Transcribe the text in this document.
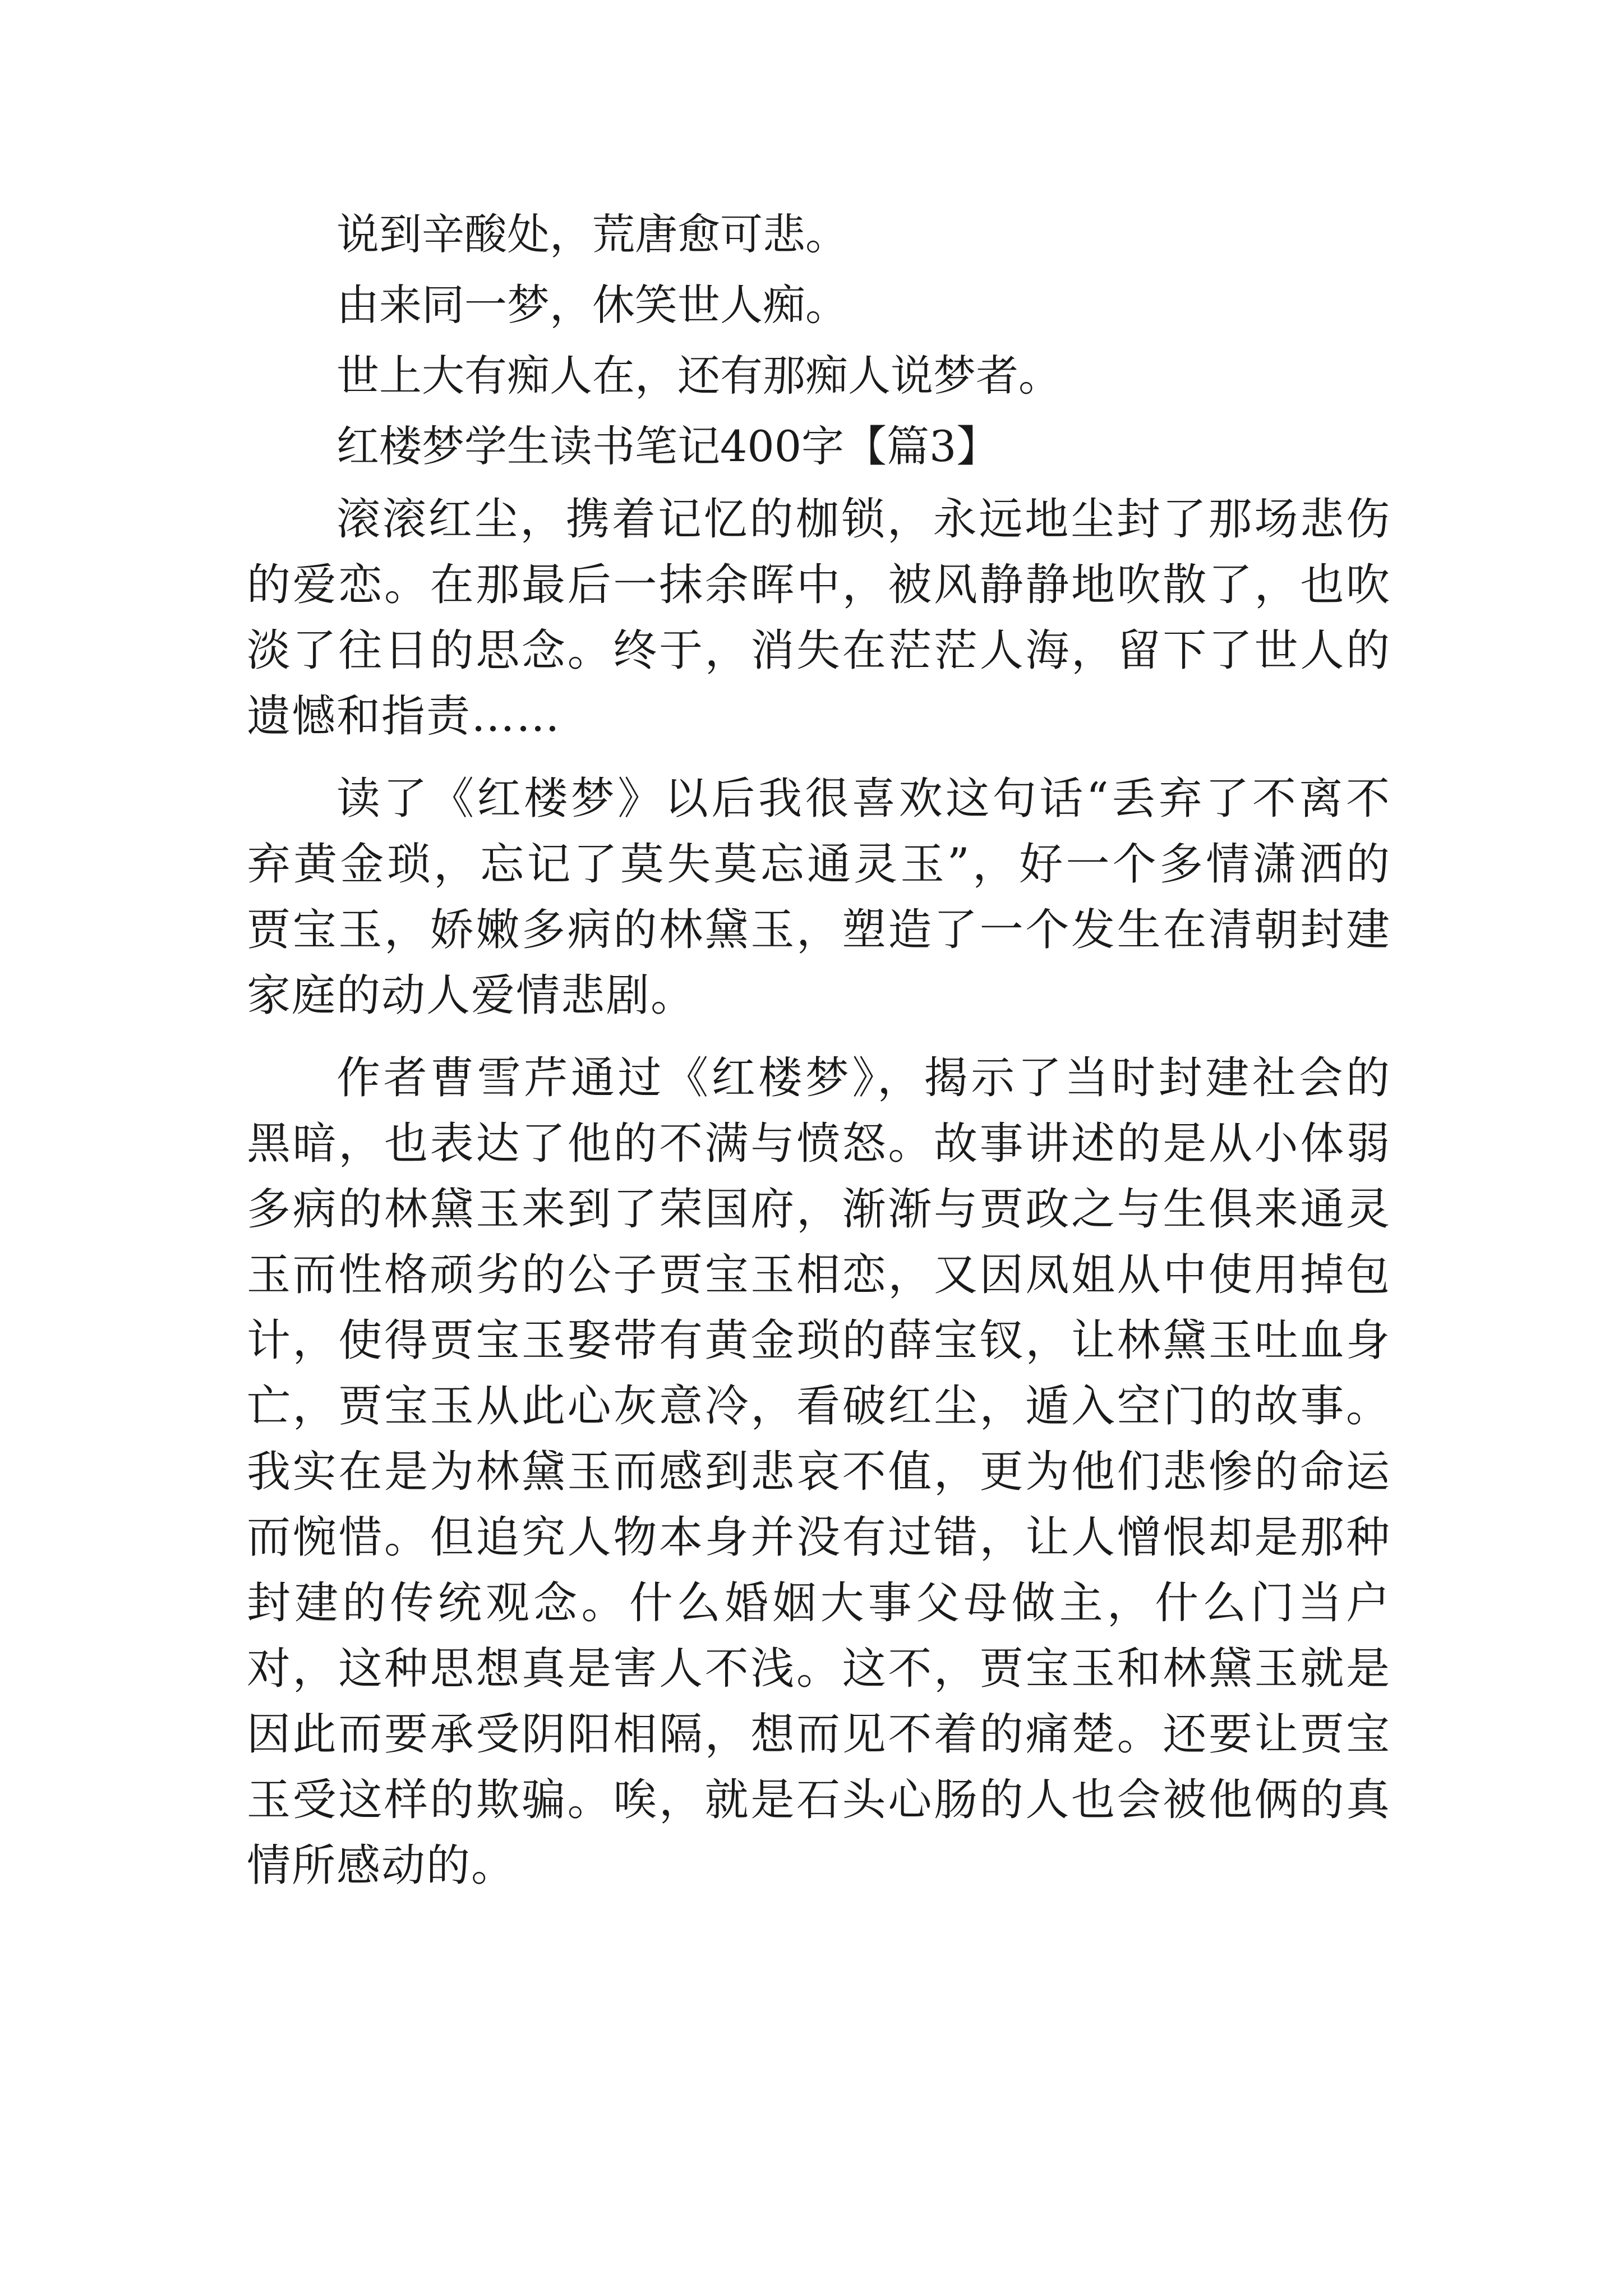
说到辛酸处，荒唐愈可悲。

由来同一梦，休笑世人痴。

世上大有痴人在，还有那痴人说梦者。

红楼梦学生读书笔记400字【篇3】

滚滚红尘，携着记忆的枷锁，永远地尘封了那场悲伤的爱恋。在那最后一抹余晖中，被风静静地吹散了，也吹淡了往日的思念。终于，消失在茫茫人海，留下了世人的遗憾和指责……

读了《红楼梦》以后我很喜欢这句话“丢弃了不离不弃黄金琐，忘记了莫失莫忘通灵玉”，好一个多情潇洒的贾宝玉，娇嫩多病的林黛玉，塑造了一个发生在清朝封建家庭的动人爱情悲剧。

作者曹雪芹通过《红楼梦》，揭示了当时封建社会的黑暗，也表达了他的不满与愤怒。故事讲述的是从小体弱多病的林黛玉来到了荣国府，渐渐与贾政之与生俱来通灵玉而性格顽劣的公子贾宝玉相恋，又因凤姐从中使用掉包计，使得贾宝玉娶带有黄金琐的薛宝钗，让林黛玉吐血身亡，贾宝玉从此心灰意冷，看破红尘，遁入空门的故事。我实在是为林黛玉而感到悲哀不值，更为他们悲惨的命运而惋惜。但追究人物本身并没有过错，让人憎恨却是那种封建的传统观念。什么婚姻大事父母做主，什么门当户对，这种思想真是害人不浅。这不，贾宝玉和林黛玉就是因此而要承受阴阳相隔，想而见不着的痛楚。还要让贾宝玉受这样的欺骗。唉，就是石头心肠的人也会被他俩的真情所感动的。
